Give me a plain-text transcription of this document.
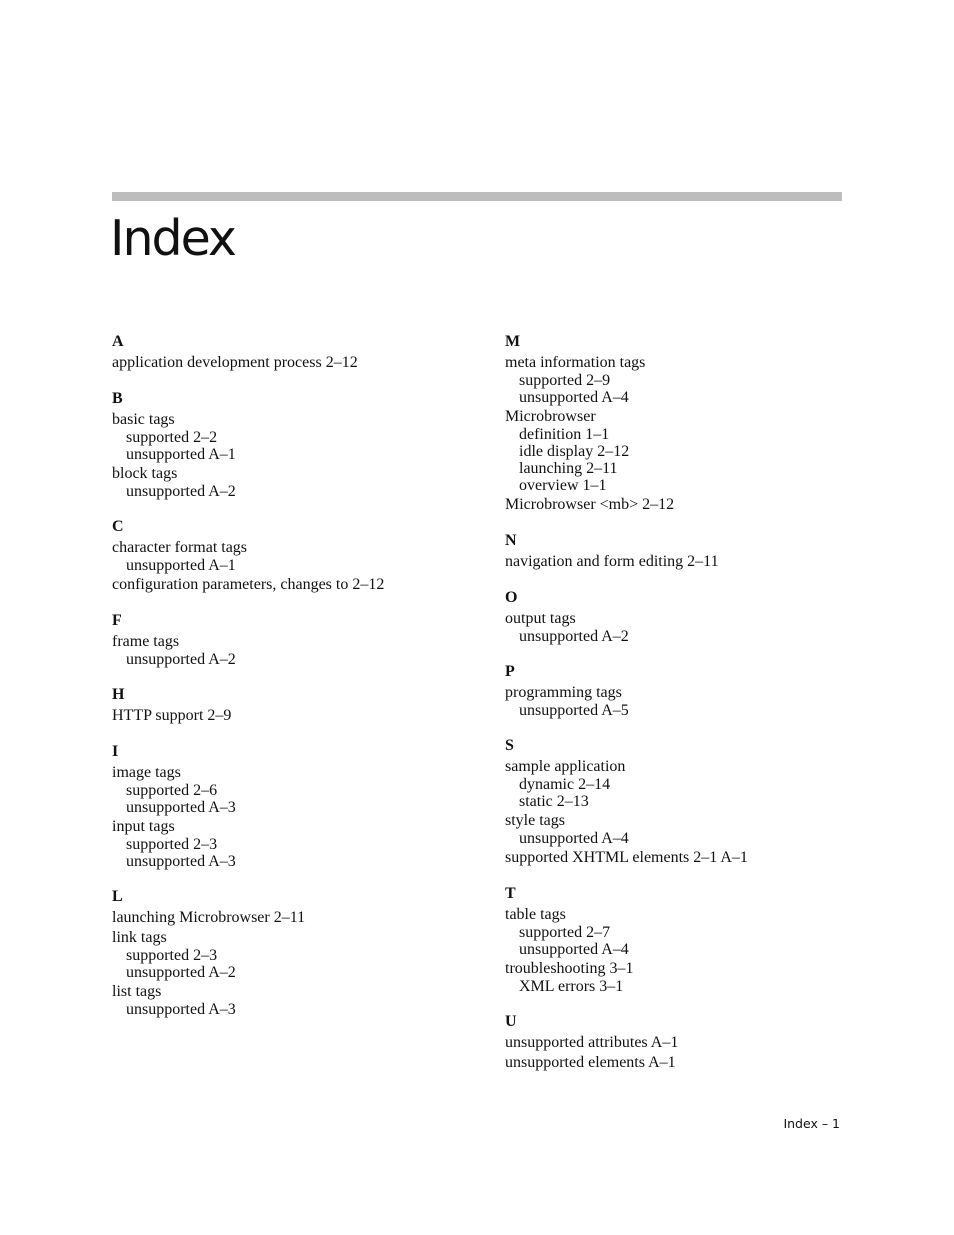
Index
A
application development process 2–12
B
basic tags
supported 2–2
unsupported A–1
block tags
unsupported A–2
C
character format tags
unsupported A–1
configuration parameters, changes to 2–12
F
frame tags
unsupported A–2
H
HTTP support 2–9
I
image tags
supported 2–6
unsupported A–3
input tags
supported 2–3
unsupported A–3
L
launching Microbrowser 2–11
link tags
supported 2–3
unsupported A–2
list tags
unsupported A–3
M
meta information tags
supported 2–9
unsupported A–4
Microbrowser
definition 1–1
idle display 2–12
launching 2–11
overview 1–1
Microbrowser <mb> 2–12
N
navigation and form editing 2–11
O
output tags
unsupported A–2
P
programming tags
unsupported A–5
S
sample application
dynamic 2–14
static 2–13
style tags
unsupported A–4
supported XHTML elements 2–1 A–1
T
table tags
supported 2–7
unsupported A–4
troubleshooting 3–1
XML errors 3–1
U
unsupported attributes A–1
unsupported elements A–1
Index – 1
